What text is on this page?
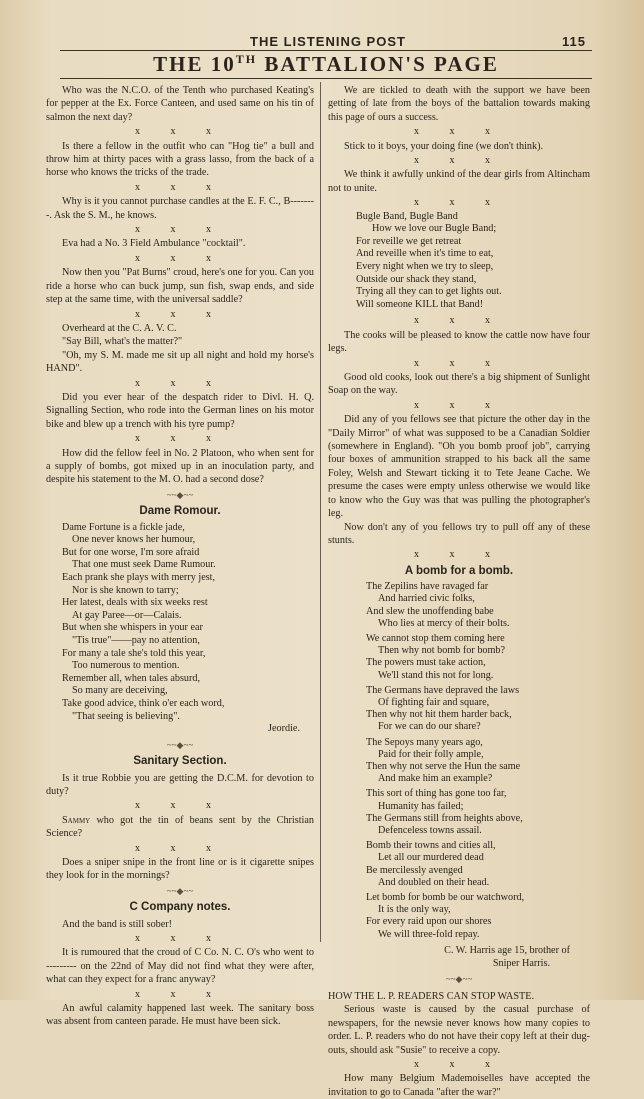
THE LISTENING POST	115
THE 10TH BATTALION'S PAGE

Who was the N.C.O. of the Tenth who purchased Keating's for pepper at the Ex. Force Canteen, and used same on his tin of salmon the next day?

x x x

Is there a fellow in the outfit who can "Hog tie" a bull and throw him at thirty paces with a grass lasso, from the back of a horse who knows the tricks of the trade.

x x x

Why is it you cannot purchase candles at the E. F. C., B--------. Ask the S. M., he knows.

x x x

Eva had a No. 3 Field Ambulance "cocktail".

x x x

Now then you "Pat Burns" croud, here's one for you. Can you ride a horse who can buck jump, sun fish, swap ends, and side step at the same time, with the universal saddle?

x x x

Overheard at the C. A. V. C.

"Say Bill, what's the matter?"

"Oh, my S. M. made me sit up all night and hold my horse's HAND".

x x x

Did you ever hear of the despatch rider to Divl. H. Q. Signalling Section, who rode into the German lines on his motor bike and blew up a trench with his tyre pump?

x x x

How did the fellow feel in No. 2 Platoon, who when sent for a supply of bombs, got mixed up in an inoculation party, and despite his statement to the M. O. had a second dose?

~~◆~~
Dame Romour.
Dame Fortune is a fickle jade,
One never knows her humour,
But for one worse, I'm sore afraid
That one must seek Dame Rumour.
Each prank she plays with merry jest,
Nor is she known to tarry;
Her latest, deals with six weeks rest
At gay Paree—or—Calais.
But when she whispers in your ear
"Tis true"——pay no attention,
For many a tale she's told this year,
Too numerous to mention.
Remember all, when tales absurd,
So many are deceiving,
Take good advice, think o'er each word,
"That seeing is believing".
Jeordie.
~~◆~~
Sanitary Section.

Is it true Robbie you are getting the D.C.M. for devotion to duty?

x x x

Sammy who got the tin of beans sent by the Christian Science?

x x x

Does a sniper snipe in the front line or is it cigarette snipes they look for in the mornings?

~~◆~~
C Company notes.

And the band is still sober!

x x x

It is rumoured that the croud of C Co. N. C. O's who went to --------- on the 22nd of May did not find what they were after, what can they expect for a franc anyway?

x x x

An awful calamity happened last week. The sanitary boss was absent from canteen parade. He must have been sick.

We are tickled to death with the support we have been getting of late from the boys of the battalion towards making this page of ours a success.

x x x

Stick to it boys, your doing fine (we don't think).

x x x

We think it awfully unkind of the dear girls from Altincham not to unite.

x x x
Bugle Band, Bugle Band
How we love our Bugle Band;
For reveille we get retreat
And reveille when it's time to eat,
Every night when we try to sleep,
Outside our shack they stand,
Trying all they can to get lights out.
Will someone KILL that Band!
x x x

The cooks will be pleased to know the cattle now have four legs.

x x x

Good old cooks, look out there's a big shipment of Sunlight Soap on the way.

x x x

Did any of you fellows see that picture the other day in the "Daily Mirror" of what was supposed to be a Canadian Soldier (somewhere in England). "Oh you bomb proof job", carrying four boxes of ammunition strapped to his back all the same Foley, Welsh and Stewart ticking it to Tete Jeane Cache. We presume the cases were empty unless otherwise we would like to know who the Guy was that was pulling the photographer's leg.

Now don't any of you fellows try to pull off any of these stunts.

x x x
A bomb for a bomb.
The Zepilins have ravaged far
And harried civic folks,
And slew the unoffending babe
Who lies at mercy of their bolts.
We cannot stop them coming here
Then why not bomb for bomb?
The powers must take action,
We'll stand this not for long.
The Germans have depraved the laws
Of fighting fair and square,
Then why not hit them harder back,
For we can do our share?
The Sepoys many years ago,
Paid for their folly ample,
Then why not serve the Hun the same
And make him an example?
This sort of thing has gone too far,
Humanity has failed;
The Germans still from heights above,
Defenceless towns assail.
Bomb their towns and cities all,
Let all our murdered dead
Be mercilessly avenged
And doubled on their head.
Let bomb for bomb be our watchword,
It is the only way,
For every raid upon our shores
We will three-fold repay.
C. W. Harris age 15, brother of
Sniper Harris.
~~◆~~
HOW THE L. P. READERS CAN STOP WASTE.

Serious waste is caused by the casual purchase of newspapers, for the newsie never knows how many copies to order. L. P. readers who do not have their copy left at their dug-outs, should ask "Susie" to receive a copy.

x x x

How many Belgium Mademoiselles have accepted the invitation to go to Canada "after the war?"
